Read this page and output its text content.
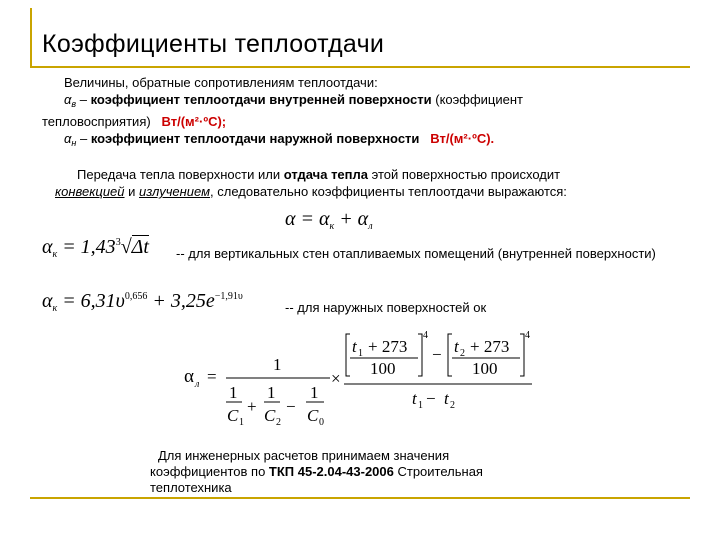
Коэффициенты теплоотдачи
Величины, обратные сопротивлениям теплоотдачи:
$\alpha_в$ – коэффициент теплоотдачи внутренней поверхности (коэффициент тепловосприятия) Вт/(м²·ºС);
$\alpha_н$ – коэффициент теплоотдачи наружной поверхности Вт/(м²·ºС).
Передача тепла поверхности или отдача тепла этой поверхностью происходит
конвекцией и излучением, следовательно коэффициенты теплоотдачи выражаются:
$\alpha = \alpha_к + \alpha_л$
$\alpha_к = 1,43^3√\Delta t$ -- для вертикальных стен отапливаемых помещений (внутренней поверхности)
$\alpha_к = 6,31\upsilon^{0,656} + 3,25e^{-1,91\upsilon}$
-- для наружных поверхностей ок
α л =
1
1
C 1
+
1
C 2
−
1
C 0
×
t 1 + 273
100
4
− t 2 + 273
100
4
t 1 − t 2
Для инженерных расчетов принимаем значения
коэффициентов по ТКП 45-2.04-43-2006 Строительная
теплотехника
